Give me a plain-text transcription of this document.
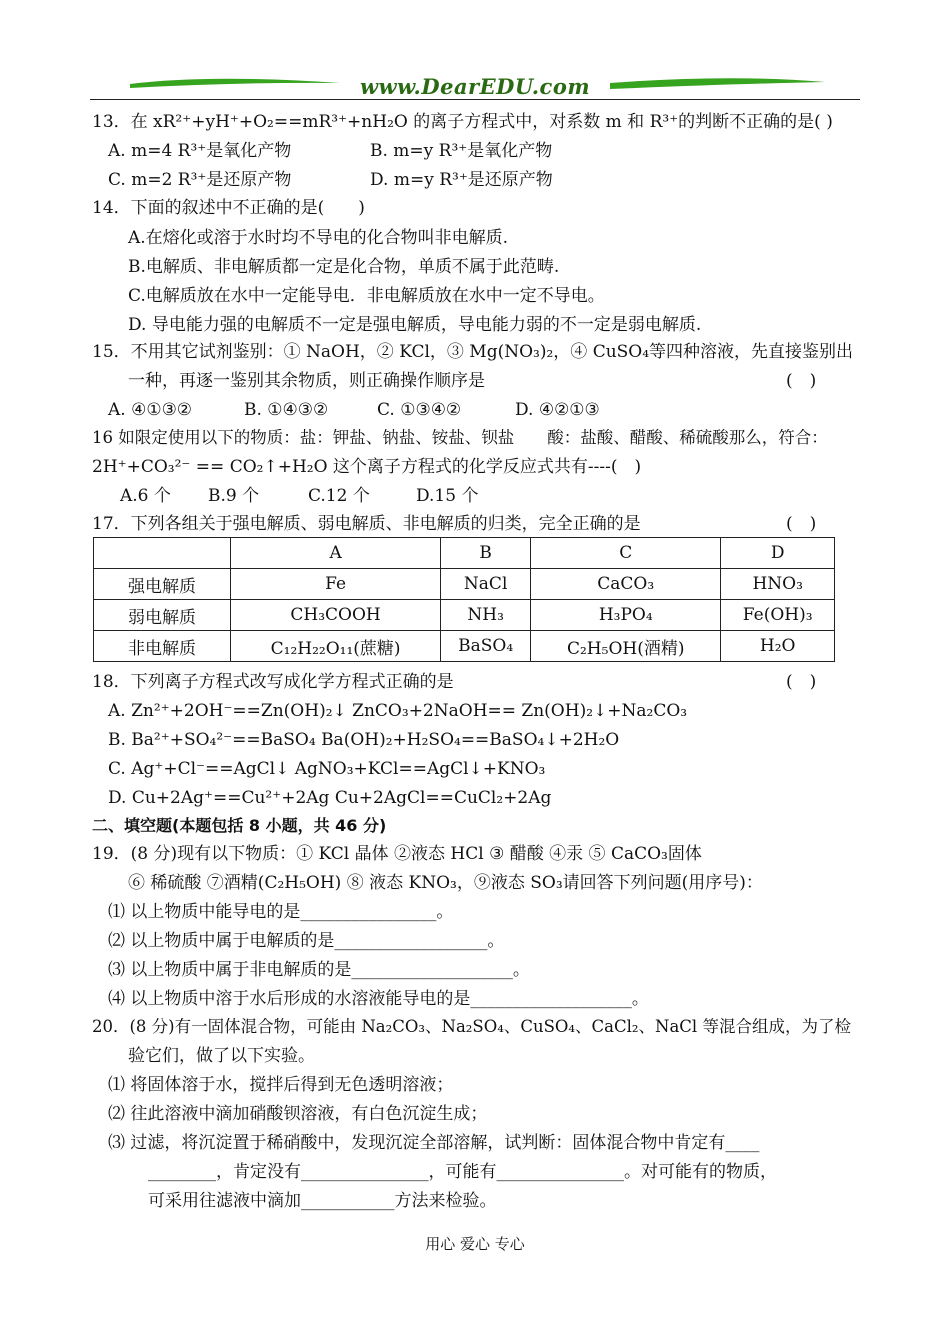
www.DearEDU.com
13．在 xR²⁺+yH⁺+O₂==mR³⁺+nH₂O 的离子方程式中，对系数 m 和 R³⁺的判断不正确的是( )
A. m=4 R³⁺是氧化产物	B. m=y R³⁺是氧化产物
C. m=2 R³⁺是还原产物	D. m=y R³⁺是还原产物
14．下面的叙述中不正确的是(　　)
A.在熔化或溶于水时均不导电的化合物叫非电解质.
B.电解质、非电解质都一定是化合物，单质不属于此范畴.
C.电解质放在水中一定能导电．非电解质放在水中一定不导电。
D. 导电能力强的电解质不一定是强电解质，导电能力弱的不一定是弱电解质.
15．不用其它试剂鉴别：① NaOH，② KCl，③ Mg(NO₃)₂，④ CuSO₄等四种溶液，先直接鉴别出
一种，再逐一鉴别其余物质，则正确操作顺序是	(　)
A. ④①③②	B. ①④③②	C. ①③④②	D. ④②①③
16 如限定使用以下的物质：盐：钾盐、钠盐、铵盐、钡盐　　酸：盐酸、醋酸、稀硫酸那么，符合：
2H⁺+CO₃²⁻ == CO₂↑+H₂O 这个离子方程式的化学反应式共有----(　)
A.6 个 B.9 个	C.12 个	D.15 个
17．下列各组关于强电解质、弱电解质、非电解质的归类，完全正确的是	(　)
	A	B	C	D
强电解质	Fe	NaCl	CaCO₃	HNO₃
弱电解质	CH₃COOH	NH₃	H₃PO₄	Fe(OH)₃
非电解质	C₁₂H₂₂O₁₁(蔗糖)	BaSO₄	C₂H₅OH(酒精)	H₂O
18．下列离子方程式改写成化学方程式正确的是	(　)
A. Zn²⁺+2OH⁻==Zn(OH)₂↓ ZnCO₃+2NaOH== Zn(OH)₂↓+Na₂CO₃
B. Ba²⁺+SO₄²⁻==BaSO₄ Ba(OH)₂+H₂SO₄==BaSO₄↓+2H₂O
C. Ag⁺+Cl⁻==AgCl↓ AgNO₃+KCl==AgCl↓+KNO₃
D. Cu+2Ag⁺==Cu²⁺+2Ag Cu+2AgCl==CuCl₂+2Ag
二、填空题(本题包括 8 小题，共 46 分)
19．(8 分)现有以下物质：① KCl 晶体 ②液态 HCl ③ 醋酸 ④汞 ⑤ CaCO₃固体
⑥ 稀硫酸 ⑦酒精(C₂H₅OH) ⑧ 液态 KNO₃，⑨液态 SO₃请回答下列问题(用序号)：
⑴ 以上物质中能导电的是________________。
⑵ 以上物质中属于电解质的是__________________。
⑶ 以上物质中属于非电解质的是___________________。
⑷ 以上物质中溶于水后形成的水溶液能导电的是___________________。
20．(8 分)有一固体混合物，可能由 Na₂CO₃、Na₂SO₄、CuSO₄、CaCl₂、NaCl 等混合组成，为了检
验它们，做了以下实验。
⑴ 将固体溶于水，搅拌后得到无色透明溶液；
⑵ 往此溶液中滴加硝酸钡溶液，有白色沉淀生成；
⑶ 过滤，将沉淀置于稀硝酸中，发现沉淀全部溶解，试判断：固体混合物中肯定有____
________，肯定没有_______________，可能有_______________。对可能有的物质，
可采用往滤液中滴加___________方法来检验。
用心 爱心 专心
